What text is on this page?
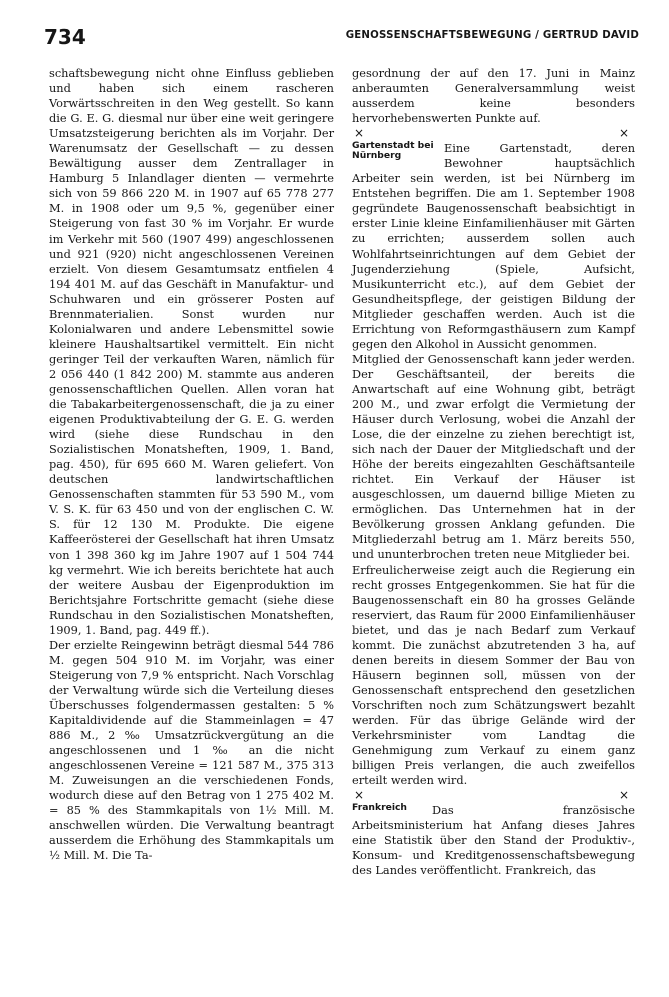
734	GENOSSENSCHAFTSBEWEGUNG / GERTRUD DAVID

schaftsbewegung nicht ohne Einfluss geblieben und haben sich einem rascheren Vorwärtsschreiten in den Weg gestellt. So kann die G. E. G. diesmal nur über eine weit geringere Umsatzsteigerung berichten als im Vorjahr. Der Warenumsatz der Gesellschaft — zu dessen Bewältigung ausser dem Zentrallager in Hamburg 5 Inlandlager dienten — vermehrte sich von 59 866 220 M. in 1907 auf 65 778 277 M. in 1908 oder um 9,5 %, gegenüber einer Steigerung von fast 30 % im Vorjahr. Er wurde im Verkehr mit 560 (1907 499) angeschlossenen und 921 (920) nicht angeschlossenen Vereinen erzielt. Von diesem Gesamtumsatz entfielen 4 194 401 M. auf das Geschäft in Manufaktur- und Schuhwaren und ein grösserer Posten auf Brennmaterialien. Sonst wurden nur Kolonialwaren und andere Lebensmittel sowie kleinere Haushaltsartikel vermittelt. Ein nicht geringer Teil der verkauften Waren, nämlich für 2 056 440 (1 842 200) M. stammte aus anderen genossenschaftlichen Quellen. Allen voran hat die Tabakarbeitergenossenschaft, die ja zu einer eigenen Produktivabteilung der G. E. G. werden wird (siehe diese Rundschau in den Sozialistischen Monatsheften, 1909, 1. Band, pag. 450), für 695 660 M. Waren geliefert. Von deutschen landwirtschaftlichen Genossenschaften stammten für 53 590 M., vom V. S. K. für 63 450 und von der englischen C. W. S. für 12 130 M. Produkte. Die eigene Kaffeerösterei der Gesellschaft hat ihren Umsatz von 1 398 360 kg im Jahre 1907 auf 1 504 744 kg vermehrt. Wie ich bereits berichtete hat auch der weitere Ausbau der Eigenproduktion im Berichtsjahre Fortschritte gemacht (siehe diese Rundschau in den Sozialistischen Monatsheften, 1909, 1. Band, pag. 449 ff.).

Der erzielte Reingewinn beträgt diesmal 544 786 M. gegen 504 910 M. im Vorjahr, was einer Steigerung von 7,9 % entspricht. Nach Vorschlag der Verwaltung würde sich die Verteilung dieses Überschusses folgendermassen gestalten: 5 % Kapitaldividende auf die Stammeinlagen = 47 886 M., 2 ‰ Umsatzrückvergütung an die angeschlossenen und 1 ‰ an die nicht angeschlossenen Vereine = 121 587 M., 375 313 M. Zuweisungen an die verschiedenen Fonds, wodurch diese auf den Betrag von 1 275 402 M. = 85 % des Stammkapitals von 1½ Mill. M. anschwellen würden. Die Verwaltung beantragt ausserdem die Erhöhung des Stammkapitals um ½ Mill. M. Die Ta-

gesordnung der auf den 17. Juni in Mainz anberaumten Generalversammlung weist ausserdem keine besonders hervorhebenswerten Punkte auf.

×	×

Gartenstadt bei Nürnberg
Eine Gartenstadt, deren Bewohner hauptsächlich Arbeiter sein werden, ist bei Nürnberg im Entstehen begriffen. Die am 1. September 1908 gegründete Baugenossenschaft beabsichtigt in erster Linie kleine Einfamilienhäuser mit Gärten zu errichten; ausserdem sollen auch Wohlfahrtseinrichtungen auf dem Gebiet der Jugenderziehung (Spiele, Aufsicht, Musikunterricht etc.), auf dem Gebiet der Gesundheitspflege, der geistigen Bildung der Mitglieder geschaffen werden. Auch ist die Errichtung von Reformgasthäusern zum Kampf gegen den Alkohol in Aussicht genommen.

Mitglied der Genossenschaft kann jeder werden. Der Geschäftsanteil, der bereits die Anwartschaft auf eine Wohnung gibt, beträgt 200 M., und zwar erfolgt die Vermietung der Häuser durch Verlosung, wobei die Anzahl der Lose, die der einzelne zu ziehen berechtigt ist, sich nach der Dauer der Mitgliedschaft und der Höhe der bereits eingezahlten Geschäftsanteile richtet. Ein Verkauf der Häuser ist ausgeschlossen, um dauernd billige Mieten zu ermöglichen. Das Unternehmen hat in der Bevölkerung grossen Anklang gefunden. Die Mitgliederzahl betrug am 1. März bereits 550, und ununterbrochen treten neue Mitglieder bei.

Erfreulicherweise zeigt auch die Regierung ein recht grosses Entgegenkommen. Sie hat für die Baugenossenschaft ein 80 ha grosses Gelände reserviert, das Raum für 2000 Einfamilienhäuser bietet, und das je nach Bedarf zum Verkauf kommt. Die zunächst abzutretenden 3 ha, auf denen bereits in diesem Sommer der Bau von Häusern beginnen soll, müssen von der Genossenschaft entsprechend den gesetzlichen Vorschriften noch zum Schätzungswert bezahlt werden. Für das übrige Gelände wird der Verkehrsminister vom Landtag die Genehmigung zum Verkauf zu einem ganz billigen Preis verlangen, die auch zweifellos erteilt werden wird.

×	×

Frankreich	Das französische Arbeitsministerium hat Anfang dieses Jahres eine Statistik über den Stand der Produktiv-, Konsum- und Kreditgenossenschaftsbewegung des Landes veröffentlicht. Frankreich, das
